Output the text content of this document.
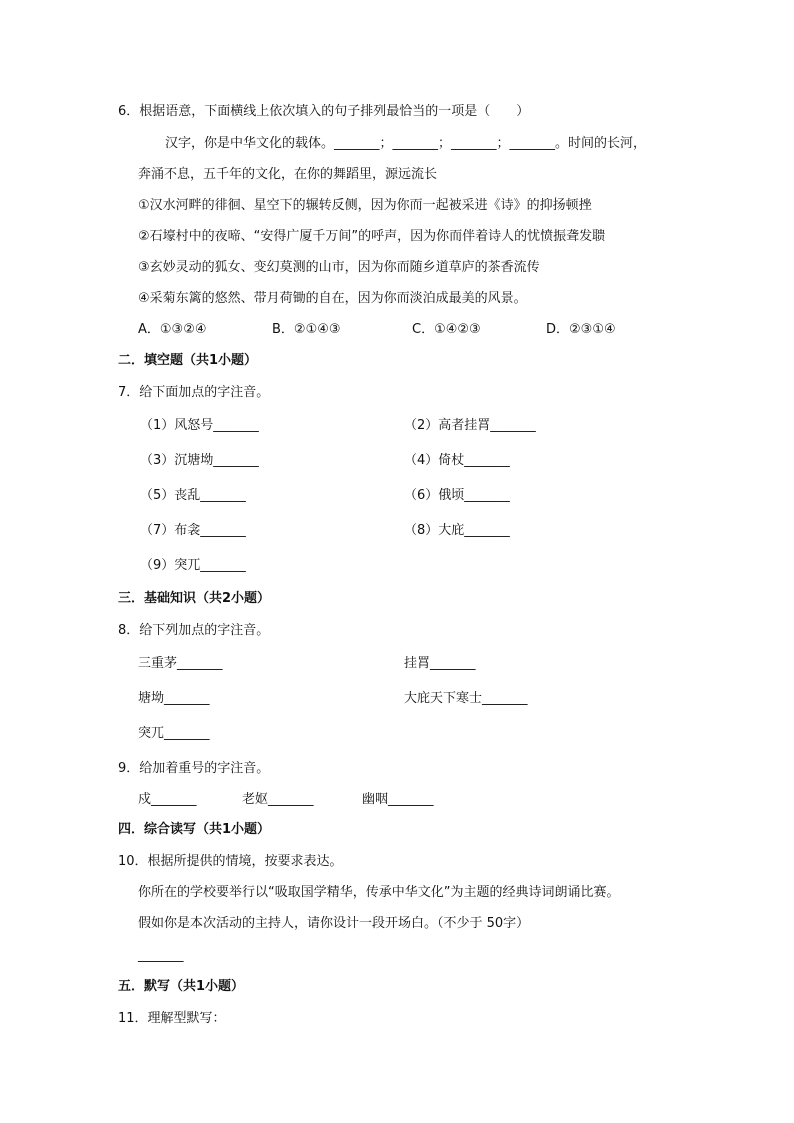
6．根据语意，下面横线上依次填入的句子排列最恰当的一项是（　　）
汉字，你是中华文化的载体。_______；_______；_______；_______。时间的长河，
奔涌不息，五千年的文化，在你的舞蹈里，源远流长
①汉水河畔的徘徊、星空下的辗转反侧，因为你而一起被采进《诗》的抑扬顿挫
②石壕村中的夜啼、“安得广厦千万间”的呼声，因为你而伴着诗人的忧愤振聋发聩
③玄妙灵动的狐女、变幻莫测的山市，因为你而随乡道草庐的茶香流传
④采菊东篱的悠然、带月荷锄的自在，因为你而淡泊成最美的风景。
A．①③②④	B．②①④③	C．①④②③	D．②③①④
二．填空题（共1小题）
7．给下面加点的字注音。
（1）风怒号_______	（2）高者挂罥_______
（3）沉塘坳_______	（4）倚杖_______
（5）丧乱_______	（6）俄顷_______
（7）布衾_______	（8）大庇_______
（9）突兀_______
三．基础知识（共2小题）
8．给下列加点的字注音。
三重茅_______	挂罥_______
塘坳_______	大庇天下寒士_______
突兀_______
9．给加着重号的字注音。
戍_______	老妪_______	幽咽_______
四．综合读写（共1小题）
10．根据所提供的情境，按要求表达。
你所在的学校要举行以“吸取国学精华，传承中华文化”为主题的经典诗词朗诵比赛。
假如你是本次活动的主持人，请你设计一段开场白。（不少于 50字）
_______
五．默写（共1小题）
11．理解型默写：
